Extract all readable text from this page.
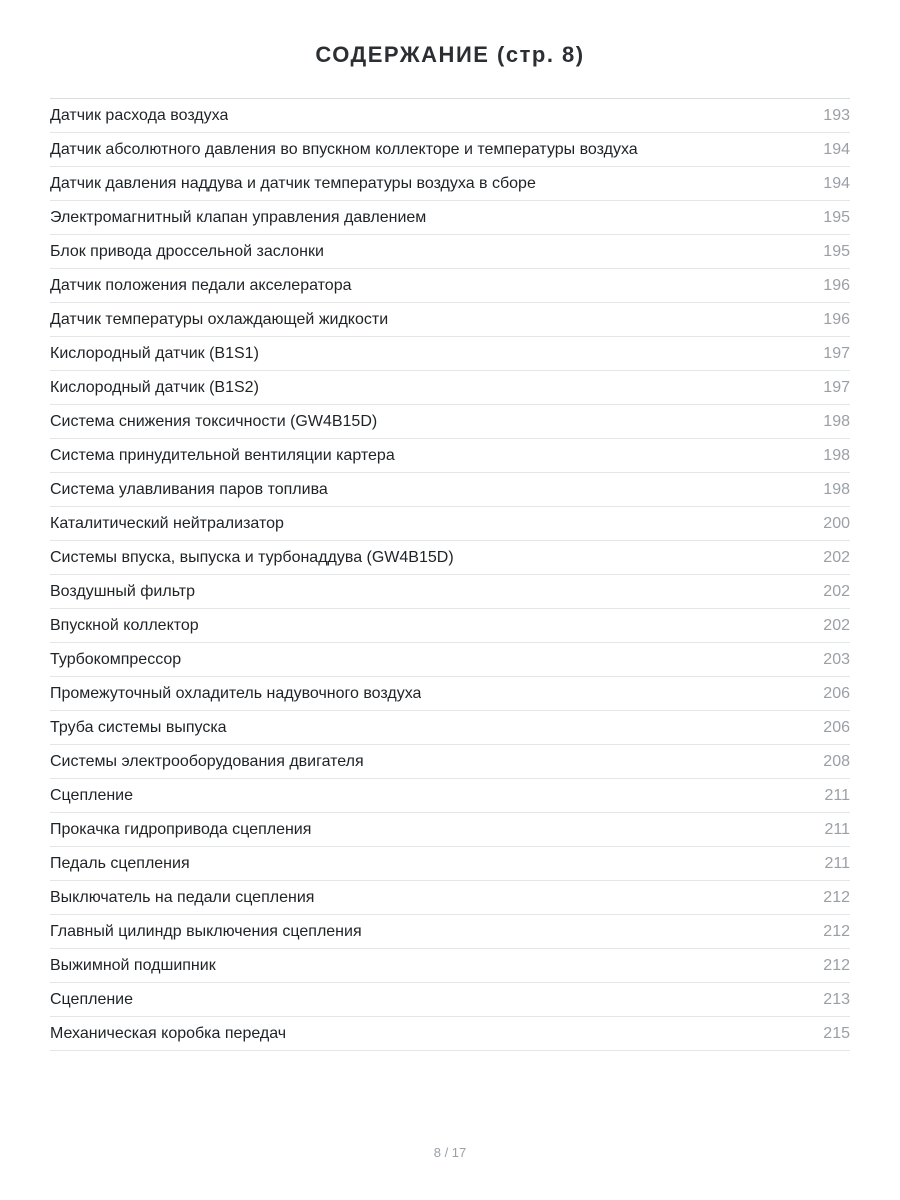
СОДЕРЖАНИЕ (стр. 8)
Датчик расхода воздуха	193
Датчик абсолютного давления во впускном коллекторе и температуры воздуха	194
Датчик давления наддува и датчик температуры воздуха в сборе	194
Электромагнитный клапан управления давлением	195
Блок привода дроссельной заслонки	195
Датчик положения педали акселератора	196
Датчик температуры охлаждающей жидкости	196
Кислородный датчик (B1S1)	197
Кислородный датчик (B1S2)	197
Система снижения токсичности (GW4B15D)	198
Система принудительной вентиляции картера	198
Система улавливания паров топлива	198
Каталитический нейтрализатор	200
Системы впуска, выпуска и турбонаддува (GW4B15D)	202
Воздушный фильтр	202
Впускной коллектор	202
Турбокомпрессор	203
Промежуточный охладитель надувочного воздуха	206
Труба системы выпуска	206
Системы электрооборудования двигателя	208
Сцепление	211
Прокачка гидропривода сцепления	211
Педаль сцепления	211
Выключатель на педали сцепления	212
Главный цилиндр выключения сцепления	212
Выжимной подшипник	212
Сцепление	213
Механическая коробка передач	215
8 / 17
